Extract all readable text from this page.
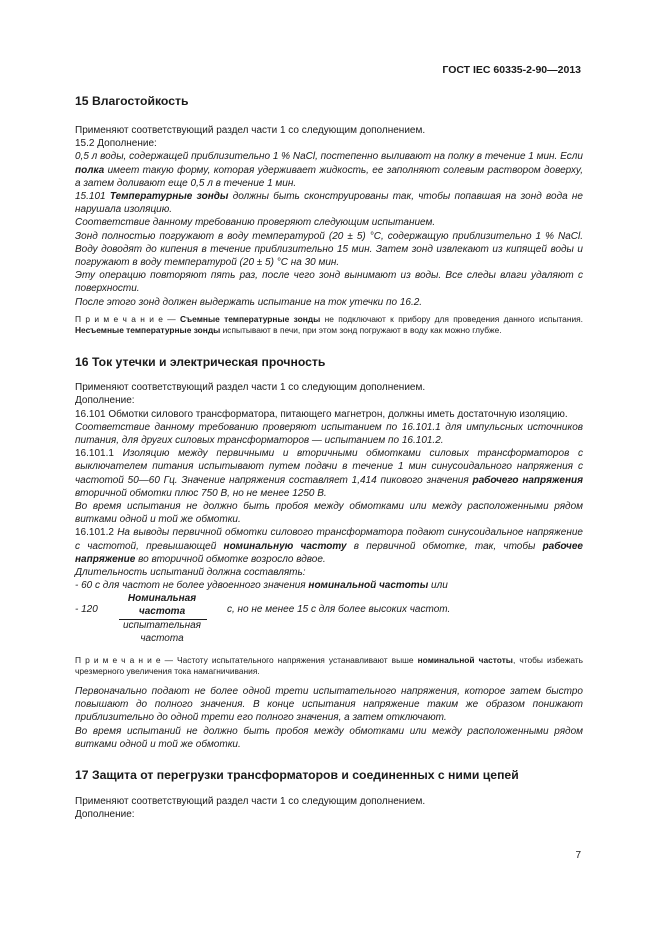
ГОСТ IEC 60335-2-90—2013
15 Влагостойкость

Применяют соответствующий раздел части 1 со следующим дополнением.

15.2 Дополнение:

0,5 л воды, содержащей приблизительно 1 % NaCl, постепенно выливают на полку в течение 1 мин. Если полка имеет такую форму, которая удерживает жидкость, ее заполняют солевым раствором доверху, а затем доливают еще 0,5 л в течение 1 мин.

15.101 Температурные зонды должны быть сконструированы так, чтобы попавшая на зонд вода не нарушала изоляцию.

Соответствие данному требованию проверяют следующим испытанием.

Зонд полностью погружают в воду температурой (20 ± 5) °С, содержащую приблизительно 1 % NaCl. Воду доводят до кипения в течение приблизительно 15 мин. Затем зонд извлекают из кипящей воды и погружают в воду температурой (20 ± 5) °С на 30 мин.

Эту операцию повторяют пять раз, после чего зонд вынимают из воды. Все следы влаги удаляют с поверхности.

После этого зонд должен выдержать испытание на ток утечки по 16.2.

П р и м е ч а н и е — Съемные температурные зонды не подключают к прибору для проведения данного испытания. Несъемные температурные зонды испытывают в печи, при этом зонд погружают в воду как можно глубже.

16 Ток утечки и электрическая прочность

Применяют соответствующий раздел части 1 со следующим дополнением.

Дополнение:

16.101 Обмотки силового трансформатора, питающего магнетрон, должны иметь достаточную изоляцию.

Соответствие данному требованию проверяют испытанием по 16.101.1 для импульсных источников питания, для других силовых трансформаторов — испытанием по 16.101.2.

16.101.1 Изоляцию между первичными и вторичными обмотками силовых трансформаторов с выключателем питания испытывают путем подачи в течение 1 мин синусоидального напряжения с частотой 50—60 Гц. Значение напряжения составляет 1,414 пикового значения рабочего напряжения вторичной обмотки плюс 750 В, но не менее 1250 В.

Во время испытания не должно быть пробоя между обмотками или между расположенными рядом витками одной и той же обмотки.

16.101.2 На выводы первичной обмотки силового трансформатора подают синусоидальное напряжение с частотой, превышающей номинальную частоту в первичной обмотке, так, чтобы рабочее напряжение во вторичной обмотке возросло вдвое.

Длительность испытаний должна составлять:

- 60 с для частот не более удвоенного значения номинальной частоты или

- 120
Номинальная частота
испытательная частота
с, но не менее 15 с для более высоких частот.

П р и м е ч а н и е — Частоту испытательного напряжения устанавливают выше номинальной частоты, чтобы избежать чрезмерного увеличения тока намагничивания.

Первоначально подают не более одной трети испытательного напряжения, которое затем быстро повышают до полного значения. В конце испытания напряжение таким же образом понижают приблизительно до одной трети его полного значения, а затем отключают.

Во время испытаний не должно быть пробоя между обмотками или между расположенными рядом витками одной и той же обмотки.

17 Защита от перегрузки трансформаторов и соединенных с ними цепей

Применяют соответствующий раздел части 1 со следующим дополнением.

Дополнение:

7
